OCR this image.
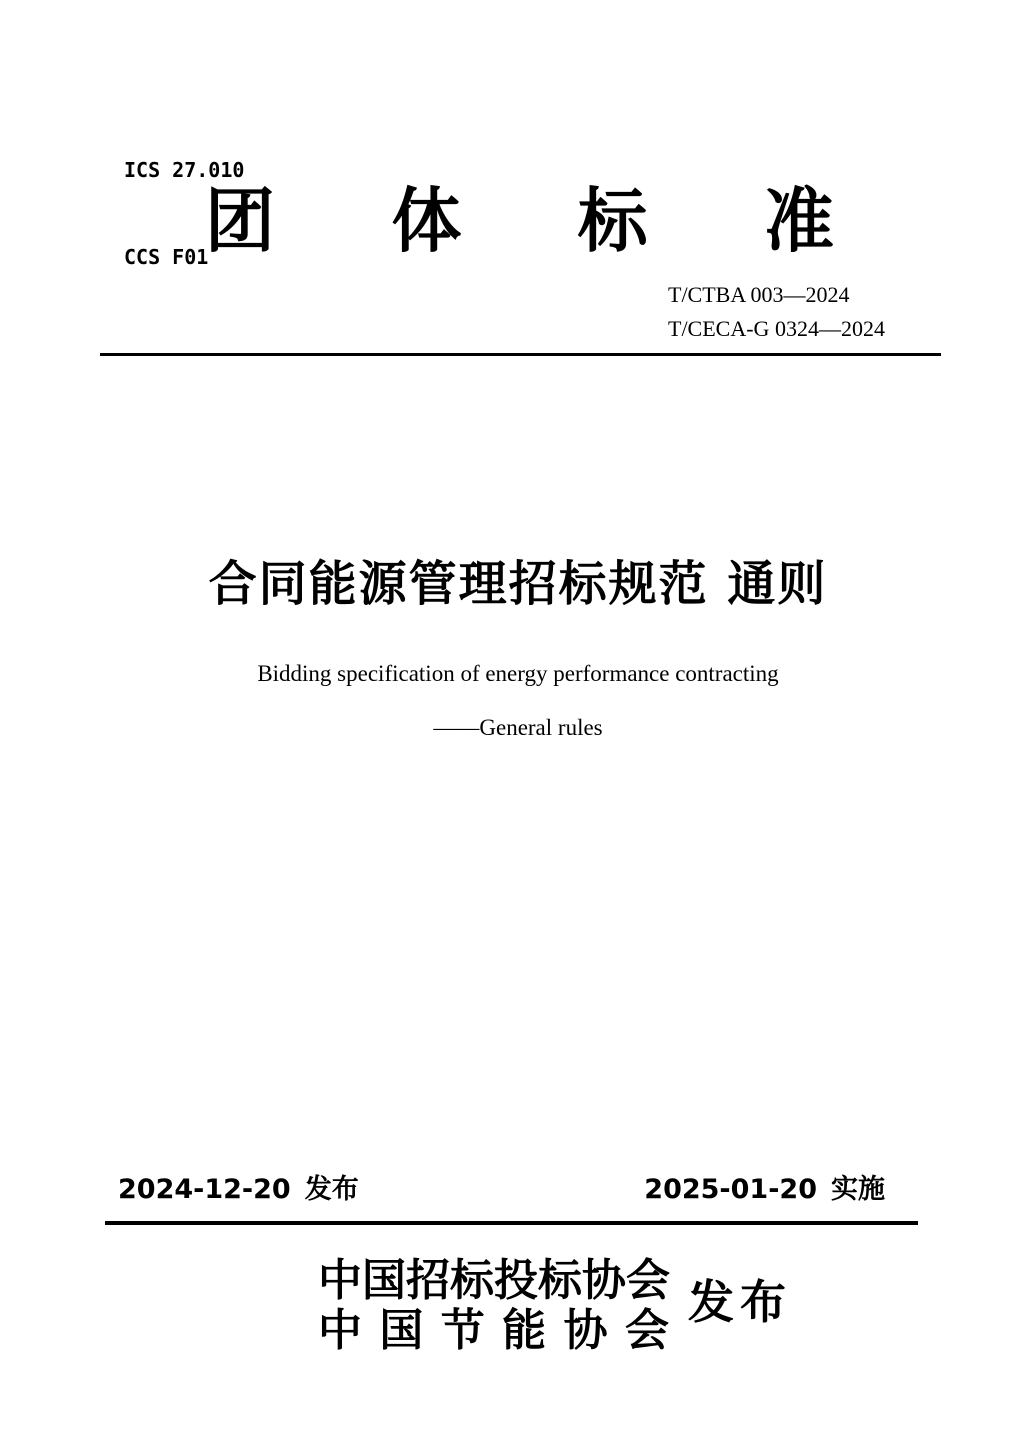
ICS 27.010

CCS F01

团 体 标 准
T/CTBA 003—2024
T/CECA-G 0324—2024
合同能源管理招标规范 通则
Bidding specification of energy performance contracting
——General rules
2024-12-20 发布	2025-01-20 实施
中国招标投标协会
中 国 节 能 协 会
发布
